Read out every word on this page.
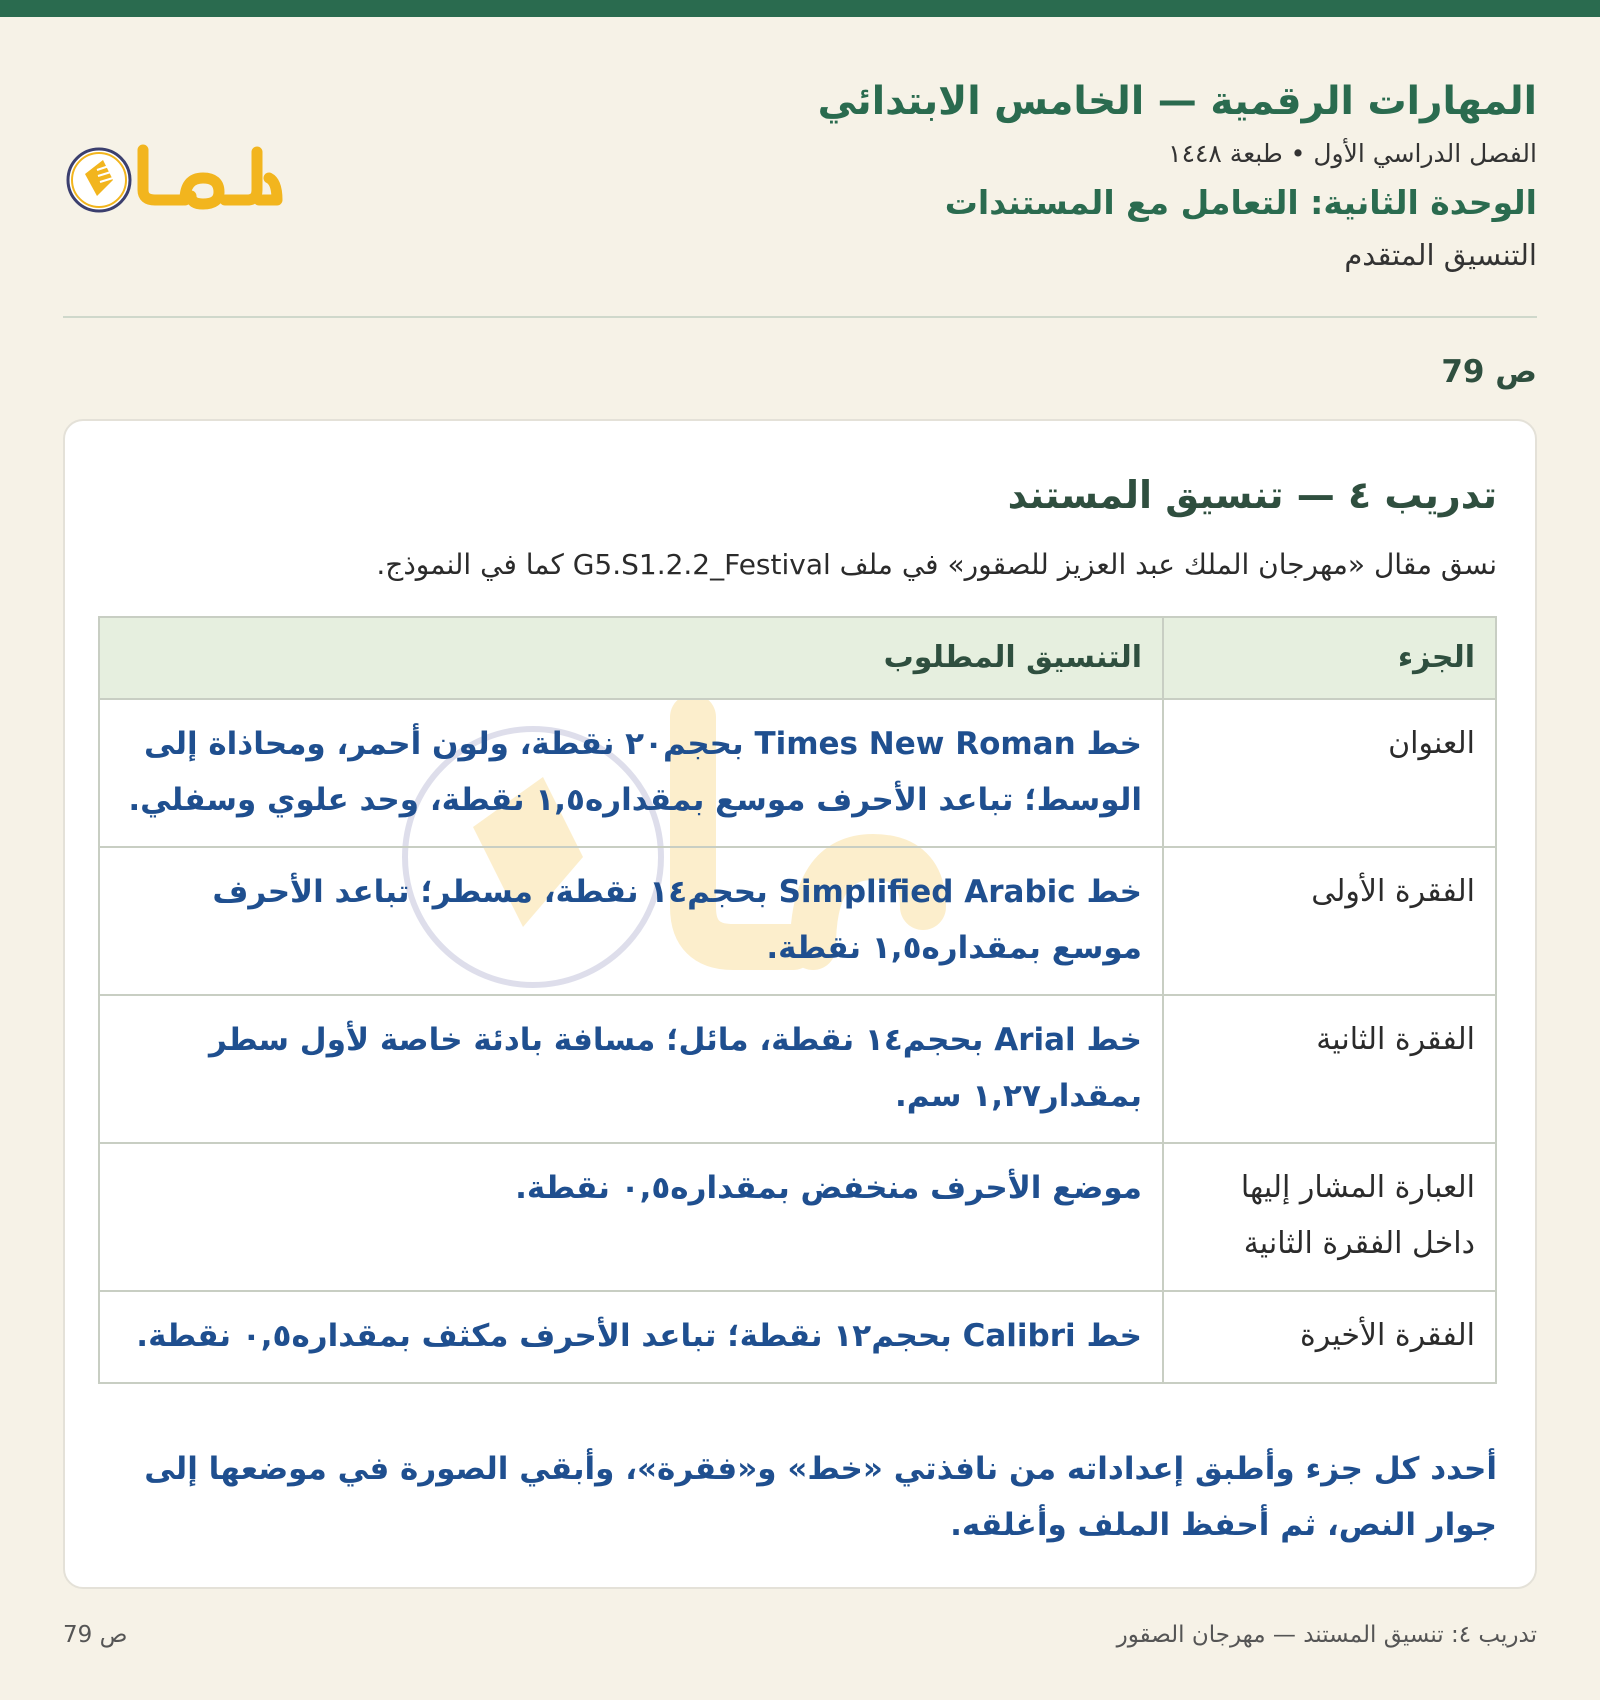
المهارات الرقمية — الخامس الابتدائي
الفصل الدراسي الأول • طبعة ١٤٤٨
الوحدة الثانية: التعامل مع المستندات
التنسيق المتقدم
ص 79
تدريب ٤ — تنسيق المستند

نسق مقال «مهرجان الملك عبد العزيز للصقور» في ملف G5.S1.2.2_Festival كما في النموذج.

الجزء	التنسيق المطلوب
العنوان	خط Times New Roman بحجم٢٠ نقطة، ولون أحمر، ومحاذاة إلى الوسط؛ تباعد الأحرف موسع بمقداره١,٥ نقطة، وحد علوي وسفلي.
الفقرة الأولى	خط Simplified Arabic بحجم١٤ نقطة، مسطر؛ تباعد الأحرف موسع بمقداره١,٥ نقطة.
الفقرة الثانية	خط Arial بحجم١٤ نقطة، مائل؛ مسافة بادئة خاصة لأول سطر بمقدار١,٢٧ سم.
العبارة المشار إليها داخل الفقرة الثانية	موضع الأحرف منخفض بمقداره٠,٥ نقطة.
الفقرة الأخيرة	خط Calibri بحجم١٢ نقطة؛ تباعد الأحرف مكثف بمقداره٠,٥ نقطة.

أحدد كل جزء وأطبق إعداداته من نافذتي «خط» و«فقرة»، وأبقي الصورة في موضعها إلى جوار النص، ثم أحفظ الملف وأغلقه.

تدريب ٤: تنسيق المستند — مهرجان الصقور
ص 79
